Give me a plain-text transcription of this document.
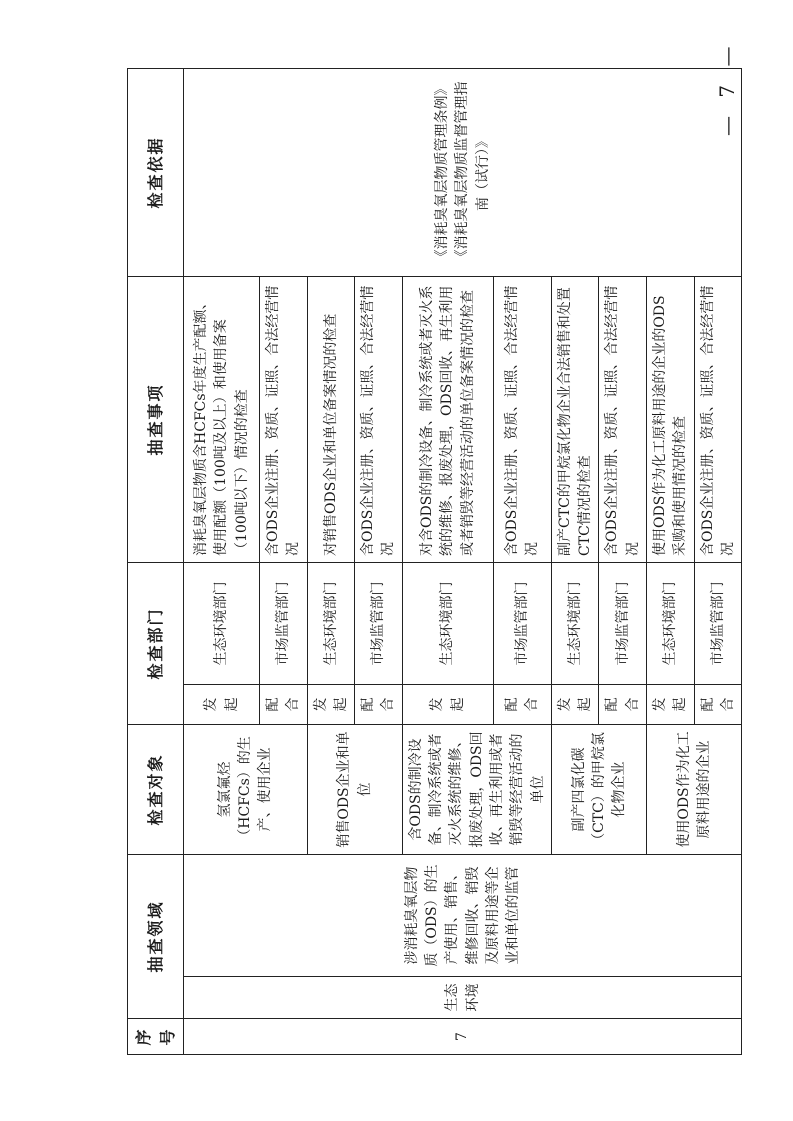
序号	抽查领域		检查对象	检查部门		抽查事项	检查依据
7	生态环境	涉消耗臭氧层物质（ODS）的生产使用、销售、维修回收、销毁及原料用途等企业和单位的监管	氢氯氟烃（HCFCs）的生产、使用企业	发起	生态环境部门	消耗臭氧层物质含HCFCs年度生产配额、使用配额（100吨及以上）和使用备案（100吨以下）情况的检查	《消耗臭氧层物质管理条例》《消耗臭氧层物质监督管理指南（试行）》
				配合	市场监管部门	含ODS企业注册、资质、证照、合法经营情况	
			销售ODS企业和单位	发起	生态环境部门	对销售ODS企业和单位备案情况的检查	
				配合	市场监管部门	含ODS企业注册、资质、证照、合法经营情况	
			含ODS的制冷设备、制冷系统或者灭火系统的维修、报废处理，ODS回收、再生利用或者销毁等经营活动的单位	发起	生态环境部门	对含ODS的制冷设备、制冷系统或者灭火系统的维修、报废处理，ODS回收、再生利用或者销毁等经营活动的单位备案情况的检查	
				配合	市场监管部门	含ODS企业注册、资质、证照、合法经营情况	
			副产四氯化碳（CTC）的甲烷氯化物企业	发起	生态环境部门	副产CTC的甲烷氯化物企业合法销售和处置CTC情况的检查	
				配合	市场监管部门	含ODS企业注册、资质、证照、合法经营情况	
			使用ODS作为化工原料用途的企业	发起	生态环境部门	使用ODS作为化工原料用途的企业的ODS采购和使用情况的检查	
				配合	市场监管部门	含ODS企业注册、资质、证照、合法经营情况	
— 7 —
